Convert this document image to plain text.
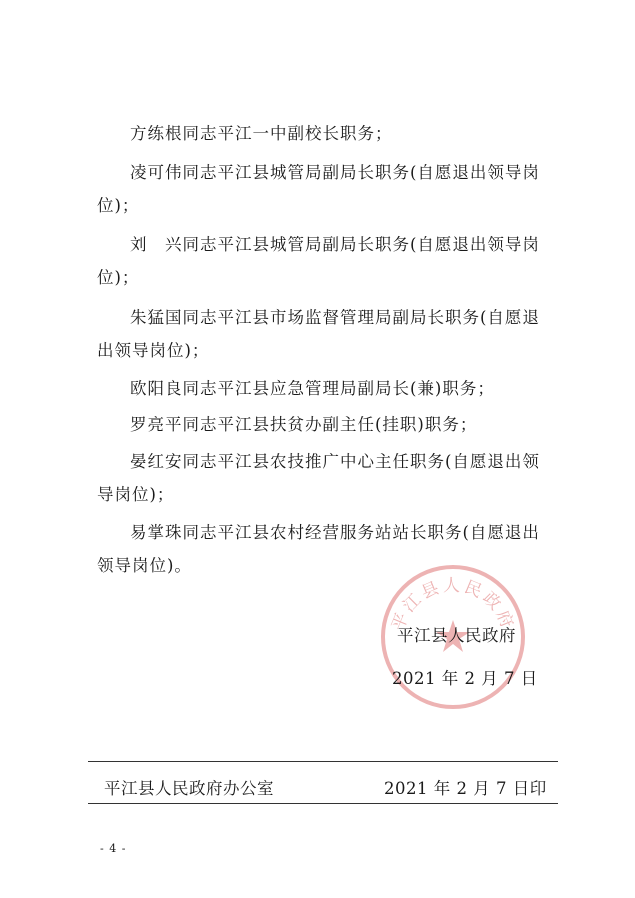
方练根同志平江一中副校长职务；

凌可伟同志平江县城管局副局长职务(自愿退出领导岗位)；

刘　兴同志平江县城管局副局长职务(自愿退出领导岗位)；

朱猛国同志平江县市场监督管理局副局长职务(自愿退出领导岗位)；

欧阳良同志平江县应急管理局副局长(兼)职务；

罗亮平同志平江县扶贫办副主任(挂职)职务；

晏红安同志平江县农技推广中心主任职务(自愿退出领导岗位)；

易掌珠同志平江县农村经营服务站站长职务(自愿退出领导岗位)。

平江县人民政府
平江县人民政府
2021 年 2 月 7 日
平江县人民政府办公室	2021 年 2 月 7 日印
- 4 -
